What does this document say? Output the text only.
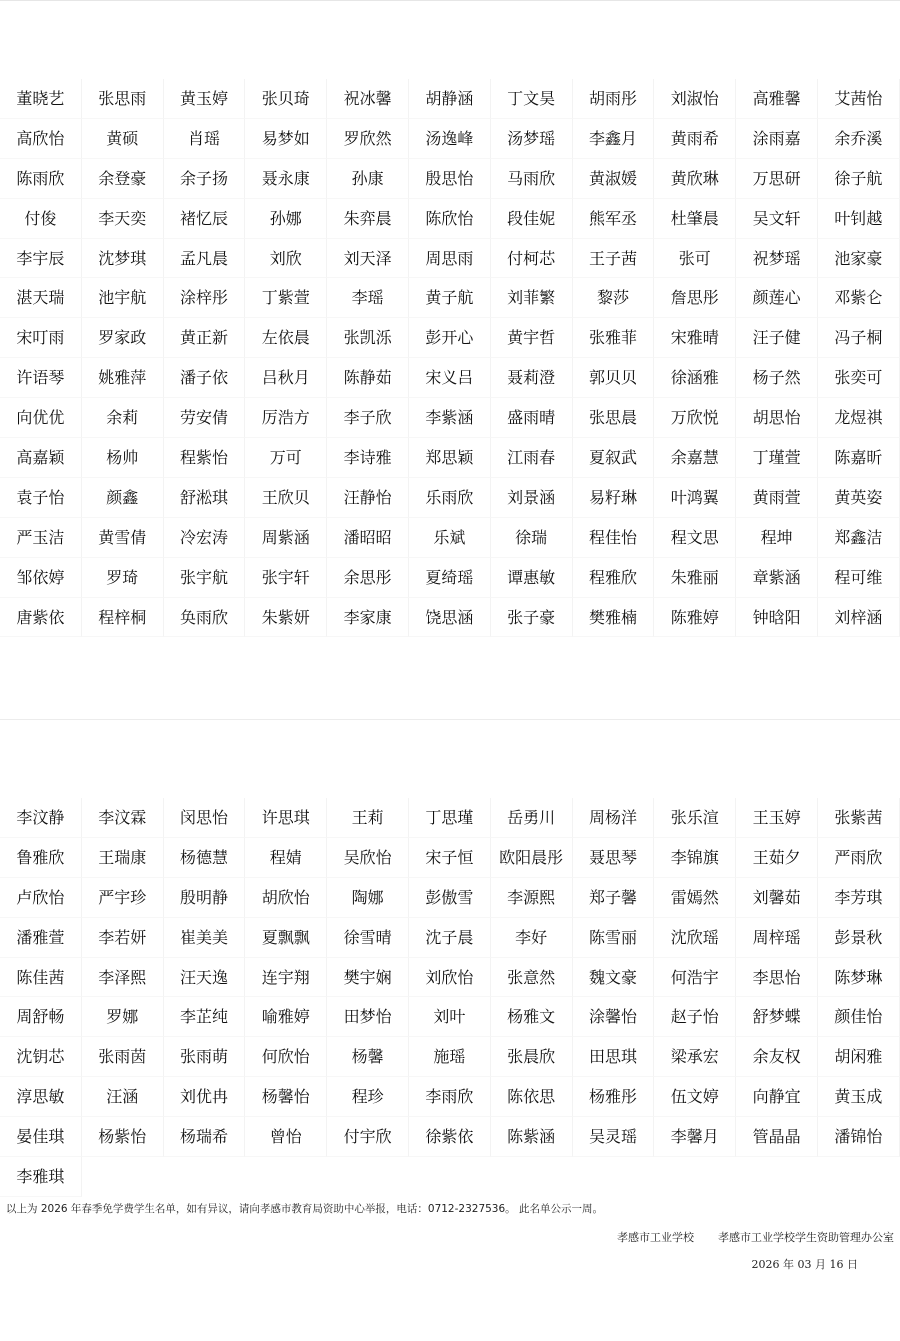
董晓艺	张思雨	黄玉婷	张贝琦	祝冰馨	胡静涵	丁文昊	胡雨彤	刘淑怡	高雅馨	艾茜怡
高欣怡	黄硕	肖瑶	易梦如	罗欣然	汤逸峰	汤梦瑶	李鑫月	黄雨希	涂雨嘉	余乔溪
陈雨欣	余登豪	余子扬	聂永康	孙康	殷思怡	马雨欣	黄淑媛	黄欣琳	万思研	徐子航
付俊	李天奕	褚忆辰	孙娜	朱弈晨	陈欣怡	段佳妮	熊军丞	杜肇晨	吴文轩	叶钊越
李宇辰	沈梦琪	孟凡晨	刘欣	刘天泽	周思雨	付柯芯	王子茜	张可	祝梦瑶	池家豪
湛天瑞	池宇航	涂梓彤	丁紫萱	李瑶	黄子航	刘菲繁	黎莎	詹思彤	颜莲心	邓紫仑
宋叮雨	罗家政	黄正新	左依晨	张凯泺	彭开心	黄宇哲	张雅菲	宋雅晴	汪子健	冯子桐
许语琴	姚雅萍	潘子依	吕秋月	陈静茹	宋义吕	聂莉澄	郭贝贝	徐涵雅	杨子然	张奕可
向优优	余莉	劳安倩	厉浩方	李子欣	李紫涵	盛雨晴	张思晨	万欣悦	胡思怡	龙煜祺
高嘉颖	杨帅	程紫怡	万可	李诗雅	郑思颖	江雨春	夏叙武	余嘉慧	丁瑾萱	陈嘉昕
袁子怡	颜鑫	舒淞琪	王欣贝	汪静怡	乐雨欣	刘景涵	易籽琳	叶鸿翼	黄雨萱	黄英姿
严玉洁	黄雪倩	冷宏涛	周紫涵	潘昭昭	乐斌	徐瑞	程佳怡	程文思	程坤	郑鑫洁
邹依婷	罗琦	张宇航	张宇轩	余思彤	夏绮瑶	谭惠敏	程雅欣	朱雅丽	章紫涵	程可维
唐紫依	程梓桐	奂雨欣	朱紫妍	李家康	饶思涵	张子豪	樊雅楠	陈雅婷	钟晗阳	刘梓涵
李汶静	李汶霖	闵思怡	许思琪	王莉	丁思瑾	岳勇川	周杨洋	张乐渲	王玉婷	张紫茜
鲁雅欣	王瑞康	杨德慧	程婧	吴欣怡	宋子恒	欧阳晨彤	聂思琴	李锦旗	王茹夕	严雨欣
卢欣怡	严宇珍	殷明静	胡欣怡	陶娜	彭傲雪	李源熙	郑子馨	雷嫣然	刘馨茹	李芳琪
潘雅萱	李若妍	崔美美	夏飘飘	徐雪晴	沈子晨	李好	陈雪丽	沈欣瑶	周梓瑶	彭景秋
陈佳茜	李泽熙	汪天逸	连宇翔	樊宇娴	刘欣怡	张意然	魏文豪	何浩宇	李思怡	陈梦琳
周舒畅	罗娜	李芷纯	喻雅婷	田梦怡	刘叶	杨雅文	涂馨怡	赵子怡	舒梦蝶	颜佳怡
沈钥芯	张雨茵	张雨萌	何欣怡	杨馨	施瑶	张晨欣	田思琪	梁承宏	余友权	胡闲雅
淳思敏	汪涵	刘优冉	杨馨怡	程珍	李雨欣	陈依思	杨雅彤	伍文婷	向静宜	黄玉成
晏佳琪	杨紫怡	杨瑞希	曾怡	付宇欣	徐紫依	陈紫涵	吴灵瑶	李馨月	管晶晶	潘锦怡
李雅琪
以上为 2026 年春季免学费学生名单，如有异议，请向孝感市教育局资助中心举报，电话：0712-2327536。 此名单公示一周。
孝感市工业学校 孝感市工业学校学生资助管理办公室
2026 年 03 月 16 日
